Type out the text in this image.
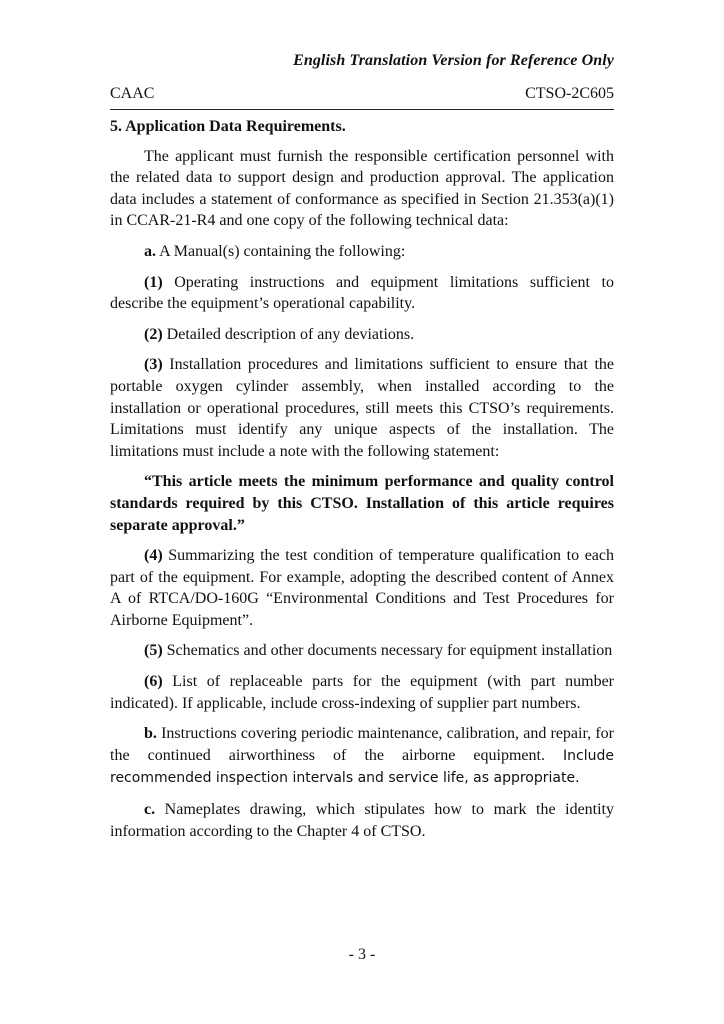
English Translation Version for Reference Only
CAAC	CTSO-2C605

5. Application Data Requirements.

The applicant must furnish the responsible certification personnel with the related data to support design and production approval. The application data includes a statement of conformance as specified in Section 21.353(a)(1) in CCAR-21-R4 and one copy of the following technical data:

a. A Manual(s) containing the following:

(1) Operating instructions and equipment limitations sufficient to describe the equipment’s operational capability.

(2) Detailed description of any deviations.

(3) Installation procedures and limitations sufficient to ensure that the portable oxygen cylinder assembly, when installed according to the installation or operational procedures, still meets this CTSO’s requirements. Limitations must identify any unique aspects of the installation. The limitations must include a note with the following statement:

“This article meets the minimum performance and quality control standards required by this CTSO. Installation of this article requires separate approval.”

(4) Summarizing the test condition of temperature qualification to each part of the equipment. For example, adopting the described content of Annex A of RTCA/DO-160G “Environmental Conditions and Test Procedures for Airborne Equipment”.

(5) Schematics and other documents necessary for equipment installation

(6) List of replaceable parts for the equipment (with part number indicated). If applicable, include cross-indexing of supplier part numbers.

b. Instructions covering periodic maintenance, calibration, and repair, for the continued airworthiness of the airborne equipment. Include recommended inspection intervals and service life, as appropriate.

c. Nameplates drawing, which stipulates how to mark the identity information according to the Chapter 4 of CTSO.

- 3 -
